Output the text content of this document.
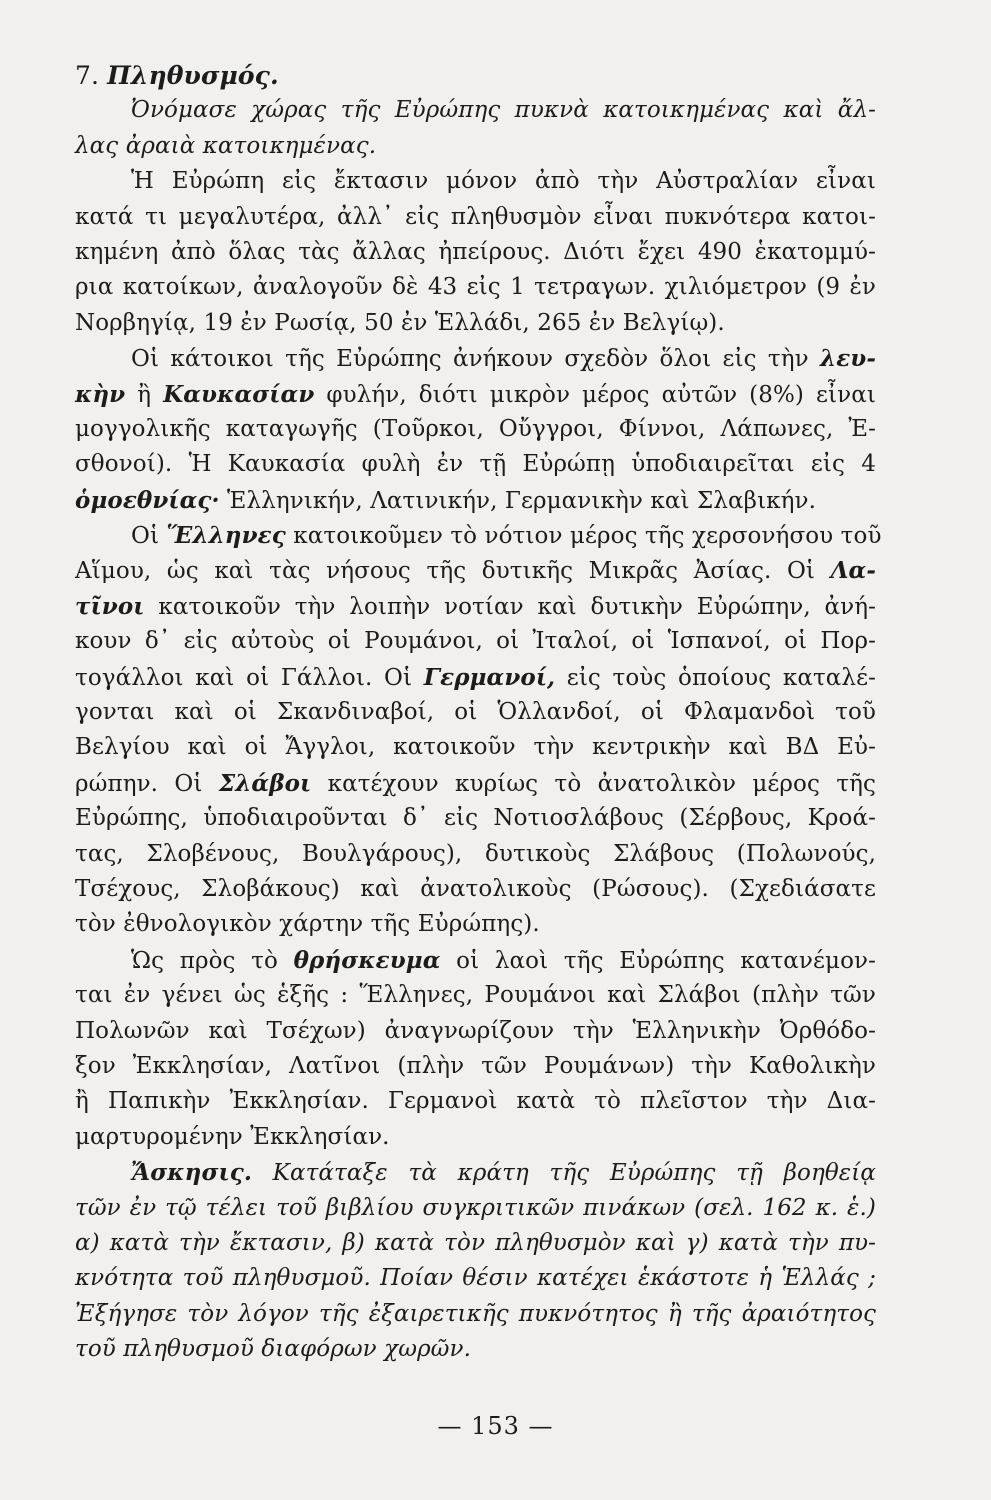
7. Πληθυσμός.
Ὀνόμασε χώρας τῆς Εὐρώπης πυκνὰ κατοικημένας καὶ ἄλ-
λας ἀραιὰ κατοικημένας.
Ἡ Εὐρώπη εἰς ἔκτασιν μόνον ἀπὸ τὴν Αὐστραλίαν εἶναι
κατά τι μεγαλυτέρα, ἀλλ᾽ εἰς πληθυσμὸν εἶναι πυκνότερα κατοι-
κημένη ἀπὸ ὅλας τὰς ἄλλας ἠπείρους. Διότι ἔχει 490 ἑκατομμύ-
ρια κατοίκων, ἀναλογοῦν δὲ 43 εἰς 1 τετραγων. χιλιόμετρον (9 ἐν
Νορβηγίᾳ, 19 ἐν Ρωσίᾳ, 50 ἐν Ἑλλάδι, 265 ἐν Βελγίῳ).
Οἱ κάτοικοι τῆς Εὐρώπης ἀνήκουν σχεδὸν ὅλοι εἰς τὴν λευ-
κὴν ἢ Καυκασίαν φυλήν, διότι μικρὸν μέρος αὐτῶν (8%) εἶναι
μογγολικῆς καταγωγῆς (Τοῦρκοι, Οὔγγροι, Φίννοι, Λάπωνες, Ἐ-
σθονοί). Ἡ Καυκασία φυλὴ ἐν τῇ Εὐρώπῃ ὑποδιαιρεῖται εἰς 4
ὁμοεθνίας· Ἑλληνικήν, Λατινικήν, Γερμανικὴν καὶ Σλαβικήν.
Οἱ Ἕλληνες κατοικοῦμεν τὸ νότιον μέρος τῆς χερσονήσου τοῦ
Αἵμου, ὡς καὶ τὰς νήσους τῆς δυτικῆς Μικρᾶς Ἀσίας. Οἱ Λα-
τῖνοι κατοικοῦν τὴν λοιπὴν νοτίαν καὶ δυτικὴν Εὐρώπην, ἀνή-
κουν δ᾽ εἰς αὐτοὺς οἱ Ρουμάνοι, οἱ Ἰταλοί, οἱ Ἱσπανοί, οἱ Πορ-
τογάλλοι καὶ οἱ Γάλλοι. Οἱ Γερμανοί, εἰς τοὺς ὁποίους καταλέ-
γονται καὶ οἱ Σκανδιναβοί, οἱ Ὁλλανδοί, οἱ Φλαμανδοὶ τοῦ
Βελγίου καὶ οἱ Ἄγγλοι, κατοικοῦν τὴν κεντρικὴν καὶ ΒΔ Εὐ-
ρώπην. Οἱ Σλάβοι κατέχουν κυρίως τὸ ἀνατολικὸν μέρος τῆς
Εὐρώπης, ὑποδιαιροῦνται δ᾽ εἰς Νοτιοσλάβους (Σέρβους, Κροά-
τας, Σλοβένους, Βουλγάρους), δυτικοὺς Σλάβους (Πολωνούς,
Τσέχους, Σλοβάκους) καὶ ἀνατολικοὺς (Ρώσους). (Σχεδιάσατε
τὸν ἐθνολογικὸν χάρτην τῆς Εὐρώπης).
Ὡς πρὸς τὸ θρήσκευμα οἱ λαοὶ τῆς Εὐρώπης κατανέμον-
ται ἐν γένει ὡς ἑξῆς : Ἕλληνες, Ρουμάνοι καὶ Σλάβοι (πλὴν τῶν
Πολωνῶν καὶ Τσέχων) ἀναγνωρίζουν τὴν Ἑλληνικὴν Ὀρθόδο-
ξον Ἐκκλησίαν, Λατῖνοι (πλὴν τῶν Ρουμάνων) τὴν Καθολικὴν
ἢ Παπικὴν Ἐκκλησίαν. Γερμανοὶ κατὰ τὸ πλεῖστον τὴν Δια-
μαρτυρομένην Ἐκκλησίαν.
Ἄσκησις. Κατάταξε τὰ κράτη τῆς Εὐρώπης τῇ βοηθείᾳ
τῶν ἐν τῷ τέλει τοῦ βιβλίου συγκριτικῶν πινάκων (σελ. 162 κ. ἑ.)
α) κατὰ τὴν ἔκτασιν, β) κατὰ τὸν πληθυσμὸν καὶ γ) κατὰ τὴν πυ-
κνότητα τοῦ πληθυσμοῦ. Ποίαν θέσιν κατέχει ἑκάστοτε ἡ Ἑλλάς ;
Ἐξήγησε τὸν λόγον τῆς ἐξαιρετικῆς πυκνότητος ἢ τῆς ἀραιότητος
τοῦ πληθυσμοῦ διαφόρων χωρῶν.
— 153 —
